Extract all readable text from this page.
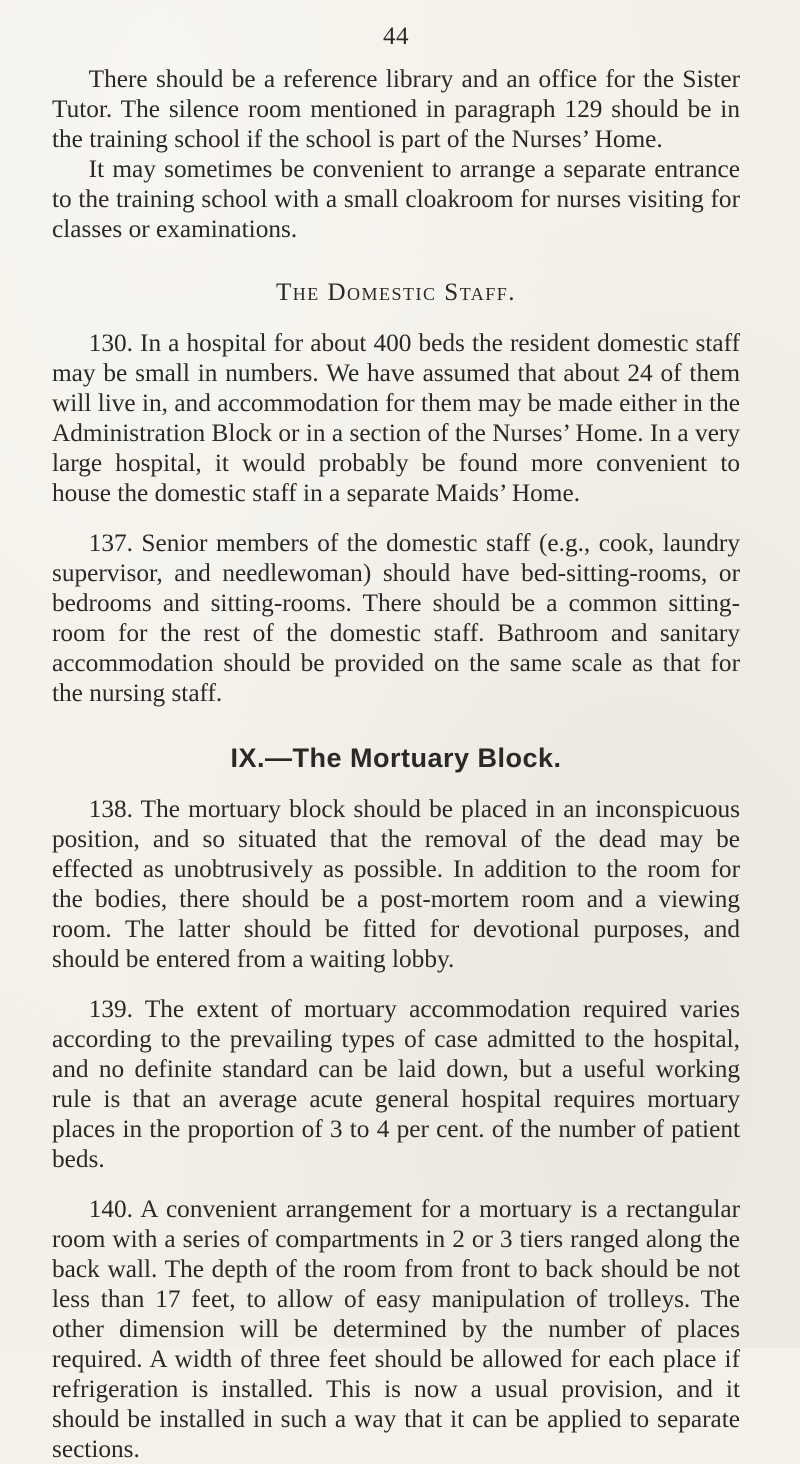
44

There should be a reference library and an office for the Sister Tutor. The silence room mentioned in paragraph 129 should be in the training school if the school is part of the Nurses’ Home.

It may sometimes be convenient to arrange a separate entrance to the training school with a small cloakroom for nurses visiting for classes or examinations.

The Domestic Staff.

130. In a hospital for about 400 beds the resident domestic staff may be small in numbers. We have assumed that about 24 of them will live in, and accommodation for them may be made either in the Administration Block or in a section of the Nurses’ Home. In a very large hospital, it would probably be found more convenient to house the domestic staff in a separate Maids’ Home.

137. Senior members of the domestic staff (e.g., cook, laundry supervisor, and needlewoman) should have bed-sitting-rooms, or bedrooms and sitting-rooms. There should be a common sitting-room for the rest of the domestic staff. Bathroom and sanitary accommodation should be provided on the same scale as that for the nursing staff.

IX.—The Mortuary Block.

138. The mortuary block should be placed in an inconspicuous position, and so situated that the removal of the dead may be effected as unobtrusively as possible. In addition to the room for the bodies, there should be a post-mortem room and a viewing room. The latter should be fitted for devotional purposes, and should be entered from a waiting lobby.

139. The extent of mortuary accommodation required varies according to the prevailing types of case admitted to the hospital, and no definite standard can be laid down, but a useful working rule is that an average acute general hospital requires mortuary places in the proportion of 3 to 4 per cent. of the number of patient beds.

140. A convenient arrangement for a mortuary is a rectangular room with a series of compartments in 2 or 3 tiers ranged along the back wall. The depth of the room from front to back should be not less than 17 feet, to allow of easy manipulation of trolleys. The other dimension will be determined by the number of places required. A width of three feet should be allowed for each place if refrigeration is installed. This is now a usual provision, and it should be installed in such a way that it can be applied to separate sections.
